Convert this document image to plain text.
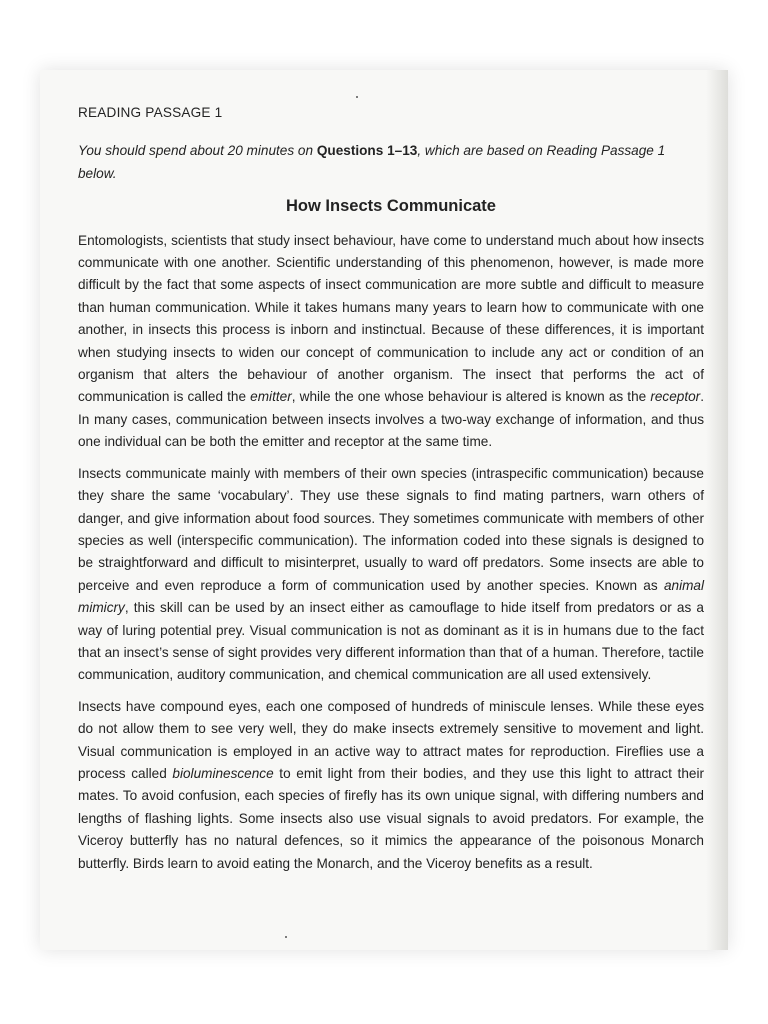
READING PASSAGE 1
You should spend about 20 minutes on Questions 1–13, which are based on Reading Passage 1 below.
How Insects Communicate

Entomologists, scientists that study insect behaviour, have come to understand much about how insects communicate with one another. Scientific understanding of this phenomenon, however, is made more difficult by the fact that some aspects of insect communication are more subtle and difficult to measure than human communication. While it takes humans many years to learn how to communicate with one another, in insects this process is inborn and instinctual. Because of these differences, it is important when studying insects to widen our concept of communication to include any act or condition of an organism that alters the behaviour of another organism. The insect that performs the act of communication is called the emitter, while the one whose behaviour is altered is known as the receptor. In many cases, communication between insects involves a two-way exchange of information, and thus one individual can be both the emitter and receptor at the same time.

Insects communicate mainly with members of their own species (intraspecific communication) because they share the same ‘vocabulary’. They use these signals to find mating partners, warn others of danger, and give information about food sources. They sometimes communicate with members of other species as well (interspecific communication). The information coded into these signals is designed to be straightforward and difficult to misinterpret, usually to ward off predators. Some insects are able to perceive and even reproduce a form of communication used by another species. Known as animal mimicry, this skill can be used by an insect either as camouflage to hide itself from predators or as a way of luring potential prey. Visual communication is not as dominant as it is in humans due to the fact that an insect’s sense of sight provides very different information than that of a human. Therefore, tactile communication, auditory communication, and chemical communication are all used extensively.

Insects have compound eyes, each one composed of hundreds of miniscule lenses. While these eyes do not allow them to see very well, they do make insects extremely sensitive to movement and light. Visual communication is employed in an active way to attract mates for reproduction. Fireflies use a process called bioluminescence to emit light from their bodies, and they use this light to attract their mates. To avoid confusion, each species of firefly has its own unique signal, with differing numbers and lengths of flashing lights. Some insects also use visual signals to avoid predators. For example, the Viceroy butterfly has no natural defences, so it mimics the appearance of the poisonous Monarch butterfly. Birds learn to avoid eating the Monarch, and the Viceroy benefits as a result.
